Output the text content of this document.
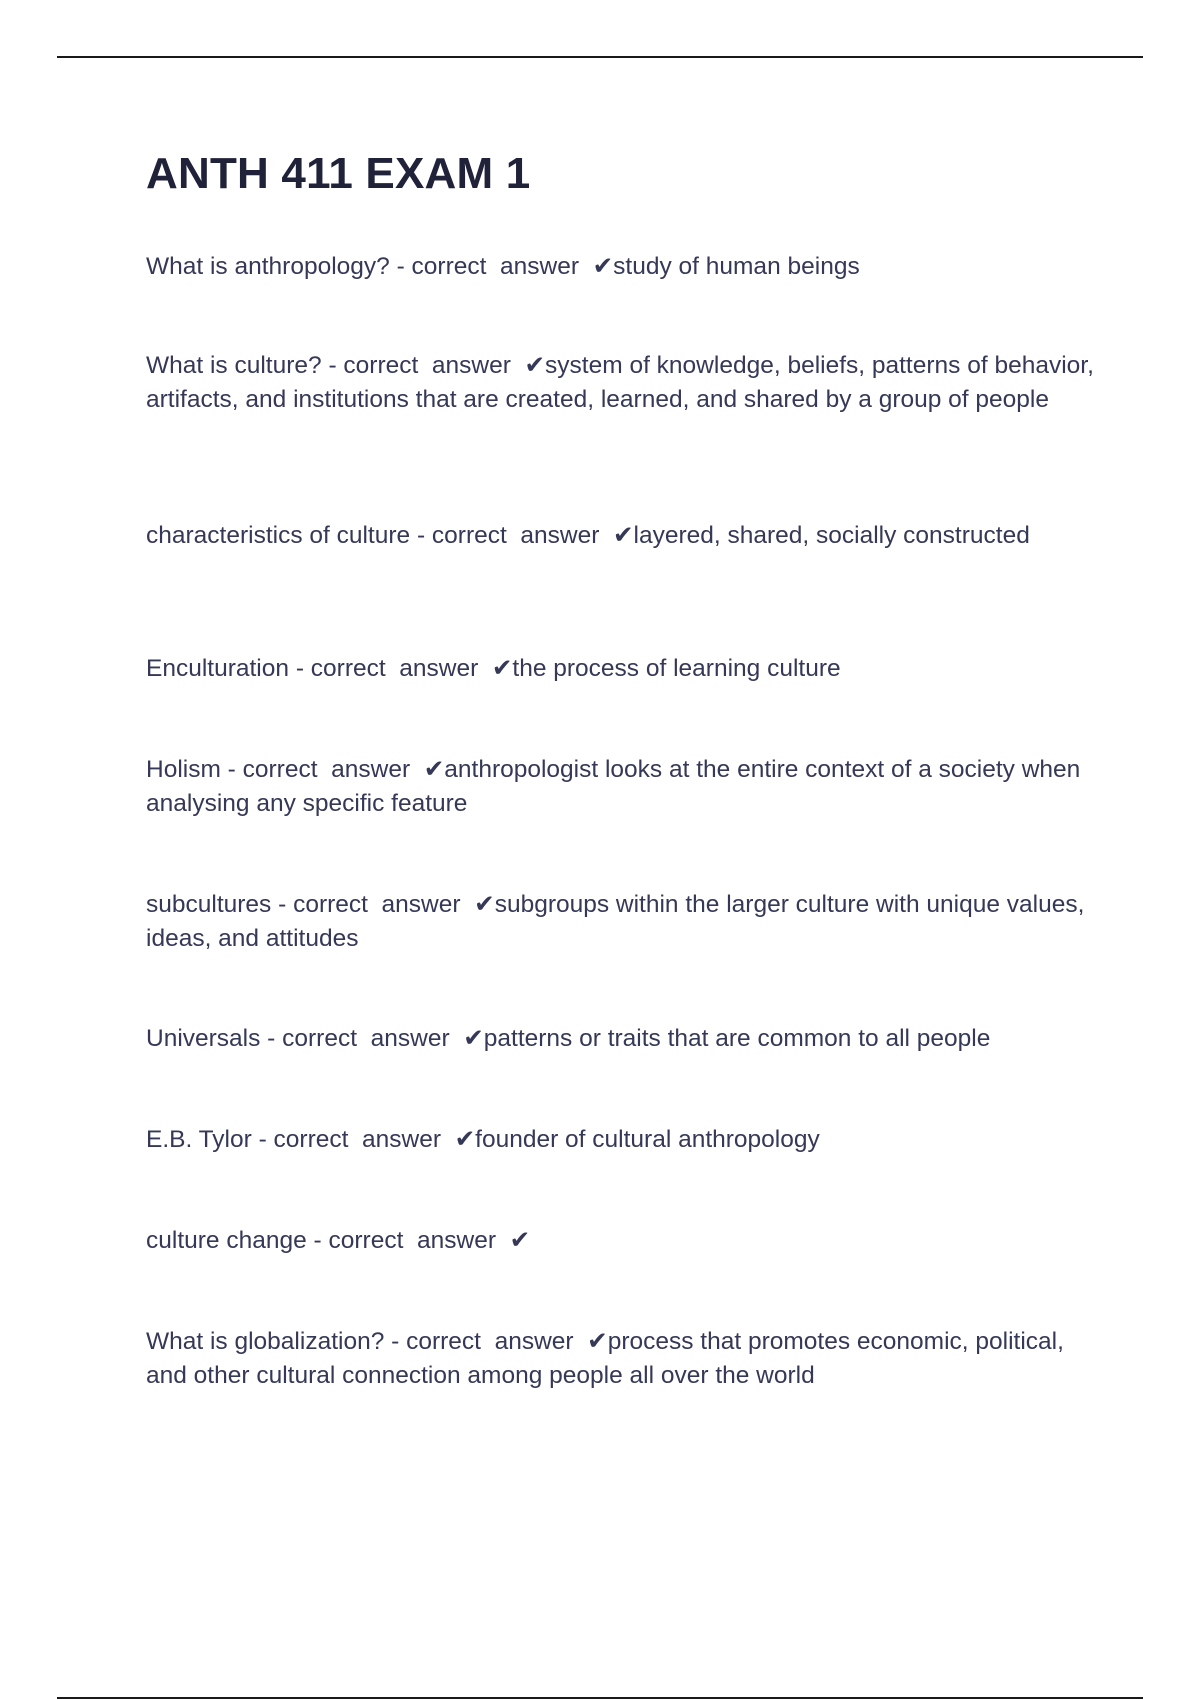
ANTH 411 EXAM 1

What is anthropology? - correct  answer  ✔study of human beings

What is culture? - correct  answer  ✔system of knowledge, beliefs, patterns of behavior, artifacts, and institutions that are created, learned, and shared by a group of people

characteristics of culture - correct  answer  ✔layered, shared, socially constructed

Enculturation - correct  answer  ✔the process of learning culture

Holism - correct  answer  ✔anthropologist looks at the entire context of a society when analysing any specific feature

subcultures - correct  answer  ✔subgroups within the larger culture with unique values, ideas, and attitudes

Universals - correct  answer  ✔patterns or traits that are common to all people

E.B. Tylor - correct  answer  ✔founder of cultural anthropology

culture change - correct  answer  ✔

What is globalization? - correct  answer  ✔process that promotes economic, political, and other cultural connection among people all over the world
